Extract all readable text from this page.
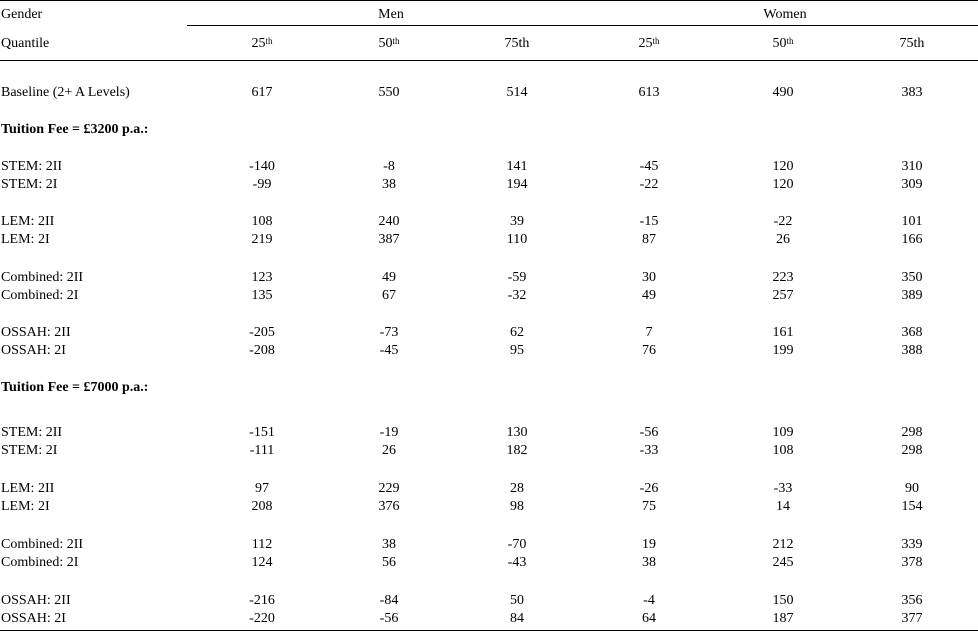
Gender	Men	Women
Quantile	25th	50th	75th	25th	50th	75th
Baseline (2+ A Levels)	617	550	514	613	490	383
Tuition Fee = £3200 p.a.:
STEM: 2II	-140	-8	141	-45	120	310
STEM: 2I	-99	38	194	-22	120	309
LEM: 2II	108	240	39	-15	-22	101
LEM: 2I	219	387	110	87	26	166
Combined: 2II	123	49	-59	30	223	350
Combined: 2I	135	67	-32	49	257	389
OSSAH: 2II	-205	-73	62	7	161	368
OSSAH: 2I	-208	-45	95	76	199	388
Tuition Fee = £7000 p.a.:
STEM: 2II	-151	-19	130	-56	109	298
STEM: 2I	-111	26	182	-33	108	298
LEM: 2II	97	229	28	-26	-33	90
LEM: 2I	208	376	98	75	14	154
Combined: 2II	112	38	-70	19	212	339
Combined: 2I	124	56	-43	38	245	378
OSSAH: 2II	-216	-84	50	-4	150	356
OSSAH: 2I	-220	-56	84	64	187	377
